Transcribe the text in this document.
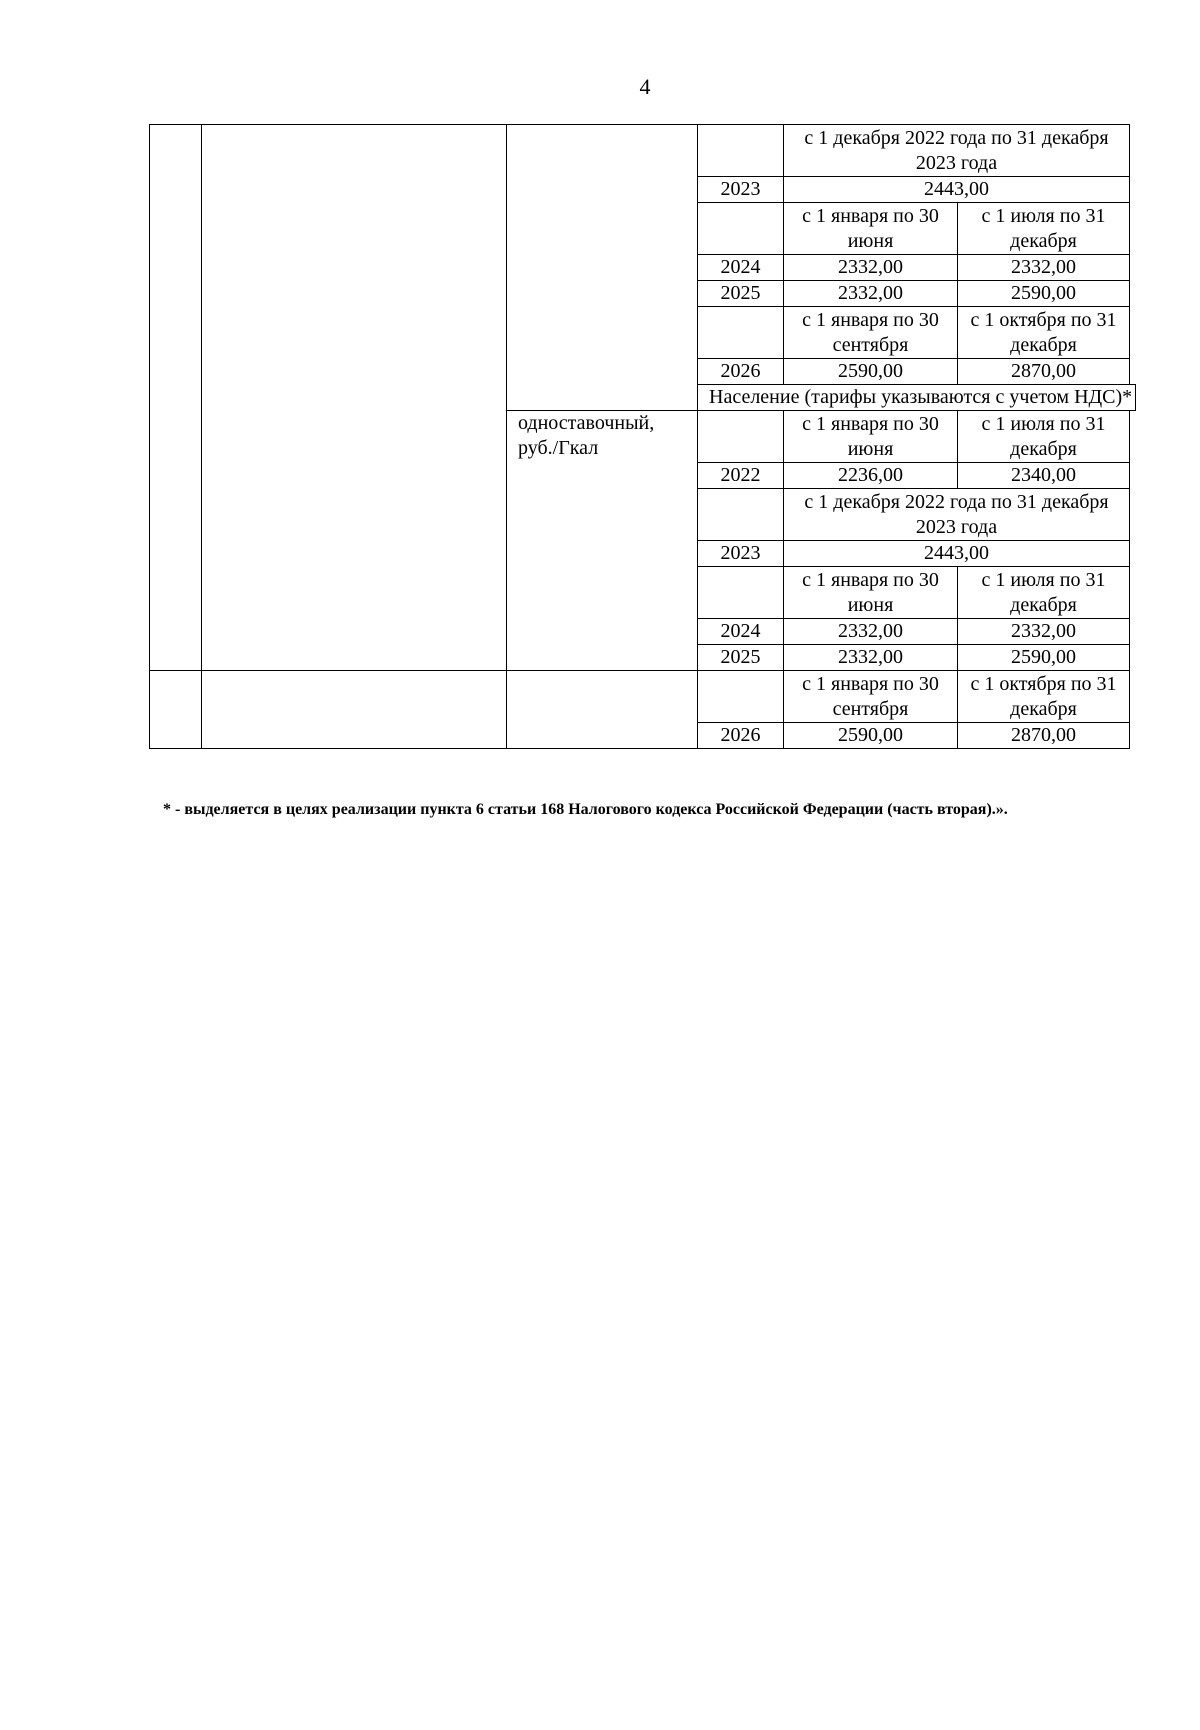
4
				с 1 декабря 2022 года по 31 декабря 2023 года	
			2023	2443,00	
				с 1 января по 30 июня	с 1 июля по 31 декабря
			2024	2332,00	2332,00
			2025	2332,00	2590,00
				с 1 января по 30 сентября	с 1 октября по 31 декабря
			2026	2590,00	2870,00
			Население (тарифы указываются с учетом НДС)*		
		одноставочный, руб./Гкал		с 1 января по 30 июня	с 1 июля по 31 декабря
			2022	2236,00	2340,00
				с 1 декабря 2022 года по 31 декабря 2023 года	
			2023	2443,00	
				с 1 января по 30 июня	с 1 июля по 31 декабря
			2024	2332,00	2332,00
			2025	2332,00	2590,00
				с 1 января по 30 сентября	с 1 октября по 31 декабря
			2026	2590,00	2870,00
* - выделяется в целях реализации пункта 6 статьи 168 Налогового кодекса Российской Федерации (часть вторая).».
